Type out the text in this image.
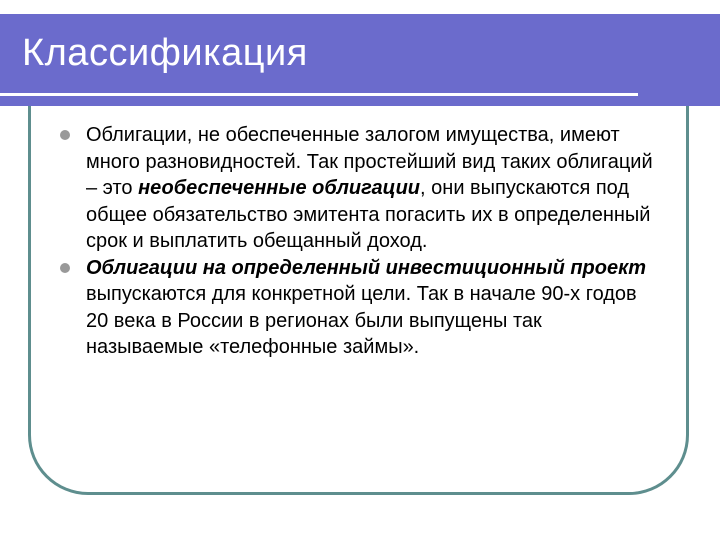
Классификация
Облигации, не обеспеченные залогом имущества, имеют много разновидностей. Так простейший вид таких облигаций – это необеспеченные облигации, они выпускаются под общее обязательство эмитента погасить их в определенный срок и выплатить обещанный доход.
Облигации на определенный инвестиционный проект выпускаются для конкретной цели. Так в начале 90-х годов 20 века в России в регионах были выпущены так называемые «телефонные займы».
